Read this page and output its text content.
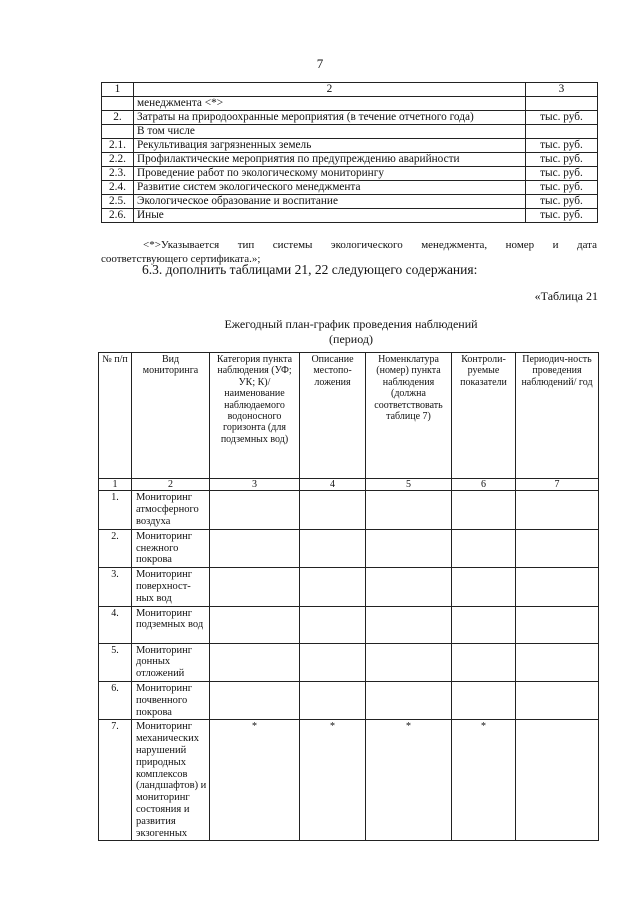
7
1	2	3
	менеджмента <*>	
2.	Затраты на природоохранные мероприятия (в течение отчетного года)	тыс. руб.
	В том числе	
2.1.	Рекультивация загрязненных земель	тыс. руб.
2.2.	Профилактические мероприятия по предупреждению аварийности	тыс. руб.
2.3.	Проведение работ по экологическому мониторингу	тыс. руб.
2.4.	Развитие систем экологического менеджмента	тыс. руб.
2.5.	Экологическое образование и воспитание	тыс. руб.
2.6.	Иные	тыс. руб.
<*>Указывается тип системы экологического менеджмента, номер и дата
соответствующего сертификата.»;
6.3. дополнить таблицами 21, 22 следующего содержания:
«Таблица 21
Ежегодный план-график проведения наблюдений
(период)
№ п/п	Вид мониторинга	Категория пункта наблюдения (УФ; УК; К)/ наименование наблюдаемого водоносного горизонта (для подземных вод)	Описание местопо-ложения	Номенклатура (номер) пункта наблюдения (должна соответствовать таблице 7)	Контроли-руемые показатели	Периодич-ность проведения наблюдений/ год
1	2	3	4	5	6	7
1.	Мониторинг атмосферного воздуха					
2.	Мониторинг снежного покрова					
3.	Мониторинг поверхност-ных вод					
4.	Мониторинг подземных вод					
5.	Мониторинг донных отложений					
6.	Мониторинг почвенного покрова					
7.	Мониторинг механических нарушений природных комплексов (ландшафтов) и мониторинг состояния и развития экзогенных	*	*	*	*	
